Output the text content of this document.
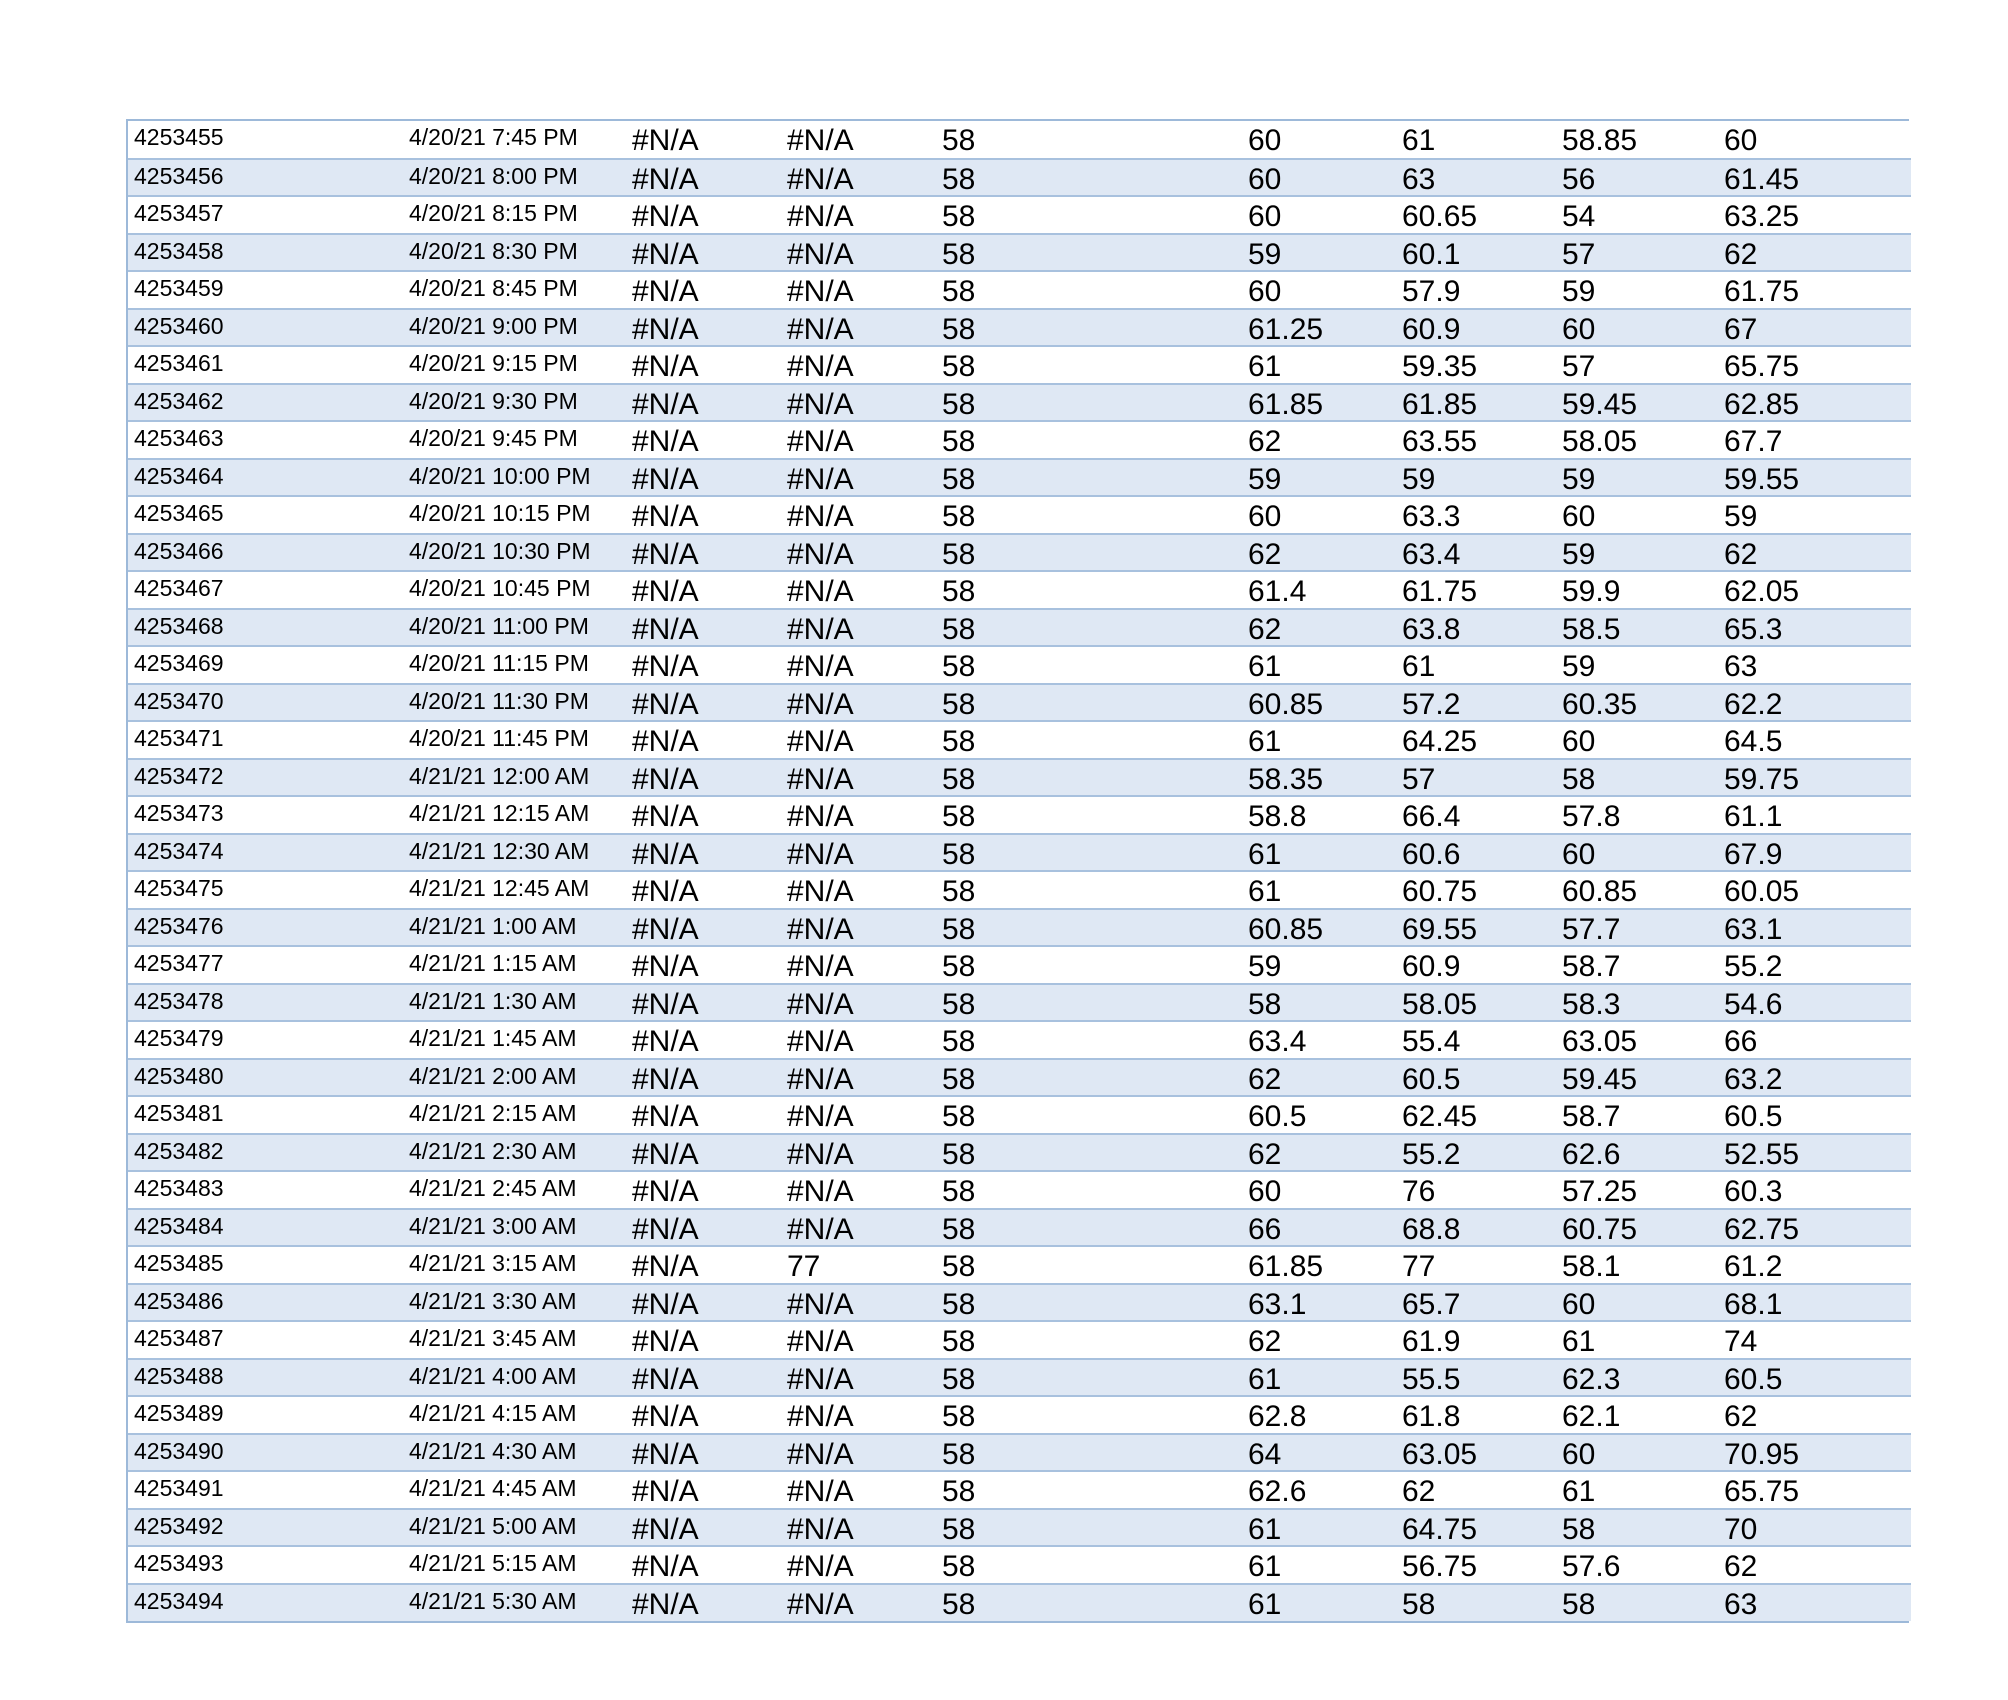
4253455	4/20/21 7:45 PM	#N/A	#N/A	58	60	61	58.85	60
4253456	4/20/21 8:00 PM	#N/A	#N/A	58	60	63	56	61.45
4253457	4/20/21 8:15 PM	#N/A	#N/A	58	60	60.65	54	63.25
4253458	4/20/21 8:30 PM	#N/A	#N/A	58	59	60.1	57	62
4253459	4/20/21 8:45 PM	#N/A	#N/A	58	60	57.9	59	61.75
4253460	4/20/21 9:00 PM	#N/A	#N/A	58	61.25	60.9	60	67
4253461	4/20/21 9:15 PM	#N/A	#N/A	58	61	59.35	57	65.75
4253462	4/20/21 9:30 PM	#N/A	#N/A	58	61.85	61.85	59.45	62.85
4253463	4/20/21 9:45 PM	#N/A	#N/A	58	62	63.55	58.05	67.7
4253464	4/20/21 10:00 PM	#N/A	#N/A	58	59	59	59	59.55
4253465	4/20/21 10:15 PM	#N/A	#N/A	58	60	63.3	60	59
4253466	4/20/21 10:30 PM	#N/A	#N/A	58	62	63.4	59	62
4253467	4/20/21 10:45 PM	#N/A	#N/A	58	61.4	61.75	59.9	62.05
4253468	4/20/21 11:00 PM	#N/A	#N/A	58	62	63.8	58.5	65.3
4253469	4/20/21 11:15 PM	#N/A	#N/A	58	61	61	59	63
4253470	4/20/21 11:30 PM	#N/A	#N/A	58	60.85	57.2	60.35	62.2
4253471	4/20/21 11:45 PM	#N/A	#N/A	58	61	64.25	60	64.5
4253472	4/21/21 12:00 AM	#N/A	#N/A	58	58.35	57	58	59.75
4253473	4/21/21 12:15 AM	#N/A	#N/A	58	58.8	66.4	57.8	61.1
4253474	4/21/21 12:30 AM	#N/A	#N/A	58	61	60.6	60	67.9
4253475	4/21/21 12:45 AM	#N/A	#N/A	58	61	60.75	60.85	60.05
4253476	4/21/21 1:00 AM	#N/A	#N/A	58	60.85	69.55	57.7	63.1
4253477	4/21/21 1:15 AM	#N/A	#N/A	58	59	60.9	58.7	55.2
4253478	4/21/21 1:30 AM	#N/A	#N/A	58	58	58.05	58.3	54.6
4253479	4/21/21 1:45 AM	#N/A	#N/A	58	63.4	55.4	63.05	66
4253480	4/21/21 2:00 AM	#N/A	#N/A	58	62	60.5	59.45	63.2
4253481	4/21/21 2:15 AM	#N/A	#N/A	58	60.5	62.45	58.7	60.5
4253482	4/21/21 2:30 AM	#N/A	#N/A	58	62	55.2	62.6	52.55
4253483	4/21/21 2:45 AM	#N/A	#N/A	58	60	76	57.25	60.3
4253484	4/21/21 3:00 AM	#N/A	#N/A	58	66	68.8	60.75	62.75
4253485	4/21/21 3:15 AM	#N/A	77	58	61.85	77	58.1	61.2
4253486	4/21/21 3:30 AM	#N/A	#N/A	58	63.1	65.7	60	68.1
4253487	4/21/21 3:45 AM	#N/A	#N/A	58	62	61.9	61	74
4253488	4/21/21 4:00 AM	#N/A	#N/A	58	61	55.5	62.3	60.5
4253489	4/21/21 4:15 AM	#N/A	#N/A	58	62.8	61.8	62.1	62
4253490	4/21/21 4:30 AM	#N/A	#N/A	58	64	63.05	60	70.95
4253491	4/21/21 4:45 AM	#N/A	#N/A	58	62.6	62	61	65.75
4253492	4/21/21 5:00 AM	#N/A	#N/A	58	61	64.75	58	70
4253493	4/21/21 5:15 AM	#N/A	#N/A	58	61	56.75	57.6	62
4253494	4/21/21 5:30 AM	#N/A	#N/A	58	61	58	58	63
